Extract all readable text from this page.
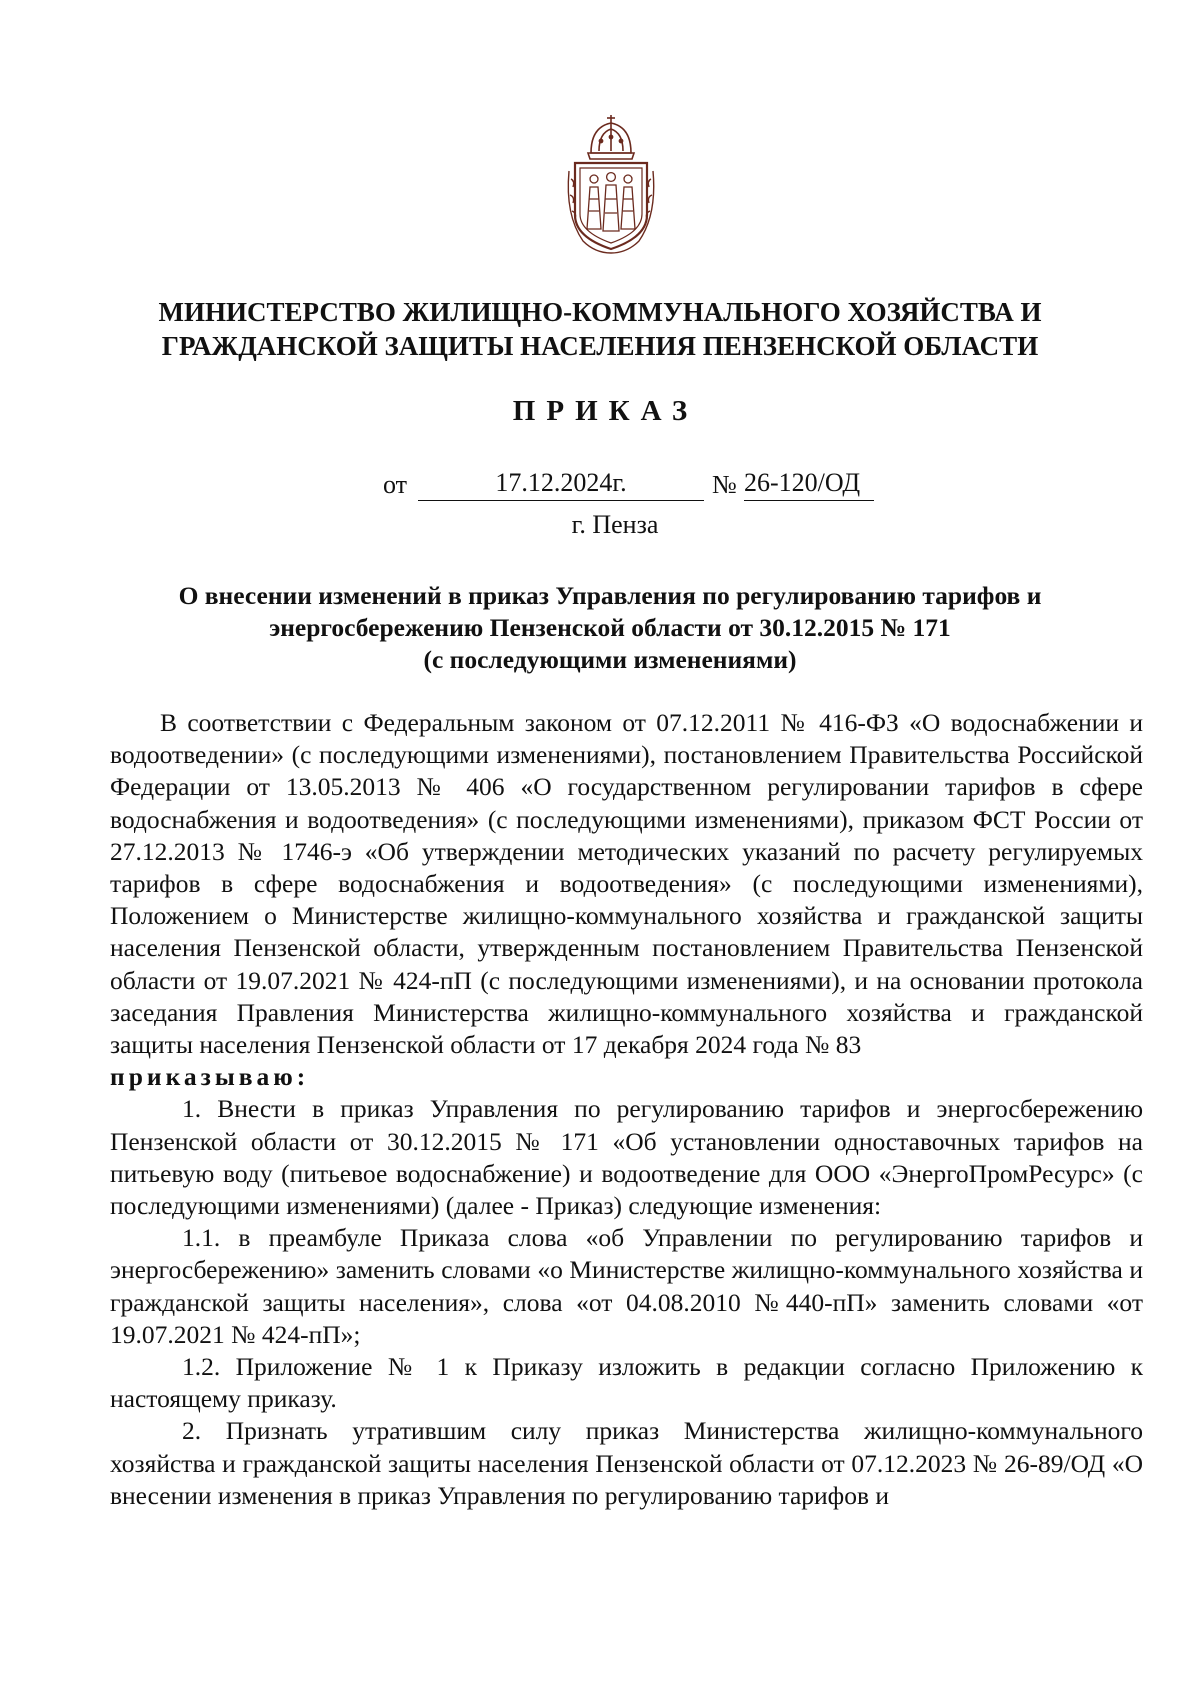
МИНИСТЕРСТВО ЖИЛИЩНО-КОММУНАЛЬНОГО ХОЗЯЙСТВА И
ГРАЖДАНСКОЙ ЗАЩИТЫ НАСЕЛЕНИЯ ПЕНЗЕНСКОЙ ОБЛАСТИ
ПРИКАЗ
от	17.12.2024г.	№ 26-120/ОД
г. Пенза
О внесении изменений в приказ Управления по регулированию тарифов и
энергосбережению Пензенской области от 30.12.2015 № 171
(с последующими изменениями)

В соответствии с Федеральным законом от 07.12.2011 № 416-ФЗ «О водоснабжении и водоотведении» (с последующими изменениями), постановлением Правительства Российской Федерации от 13.05.2013 № 406 «О государственном регулировании тарифов в сфере водоснабжения и водоотведения» (с последующими изменениями), приказом ФСТ России от 27.12.2013 № 1746-э «Об утверждении методических указаний по расчету регулируемых тарифов в сфере водоснабжения и водоотведения» (с последующими изменениями), Положением о Министерстве жилищно-коммунального хозяйства и гражданской защиты населения Пензенской области, утвержденным постановлением Правительства Пензенской области от 19.07.2021 № 424-пП (с последующими изменениями), и на основании протокола заседания Правления Министерства жилищно-коммунального хозяйства и гражданской защиты населения Пензенской области от 17 декабря 2024 года № 83

приказываю:

1. Внести в приказ Управления по регулированию тарифов и энергосбережению Пензенской области от 30.12.2015 № 171 «Об установлении одноставочных тарифов на питьевую воду (питьевое водоснабжение) и водоотведение для ООО «ЭнергоПромРесурс» (с последующими изменениями) (далее - Приказ) следующие изменения:

1.1. в преамбуле Приказа слова «об Управлении по регулированию тарифов и энергосбережению» заменить словами «о Министерстве жилищно-коммунального хозяйства и гражданской защиты населения», слова «от 04.08.2010 №440-пП» заменить словами «от 19.07.2021 № 424-пП»;

1.2. Приложение № 1 к Приказу изложить в редакции согласно Приложению к настоящему приказу.

2. Признать утратившим силу приказ Министерства жилищно-коммунального хозяйства и гражданской защиты населения Пензенской области от 07.12.2023 № 26-89/ОД «О внесении изменения в приказ Управления по регулированию тарифов и
